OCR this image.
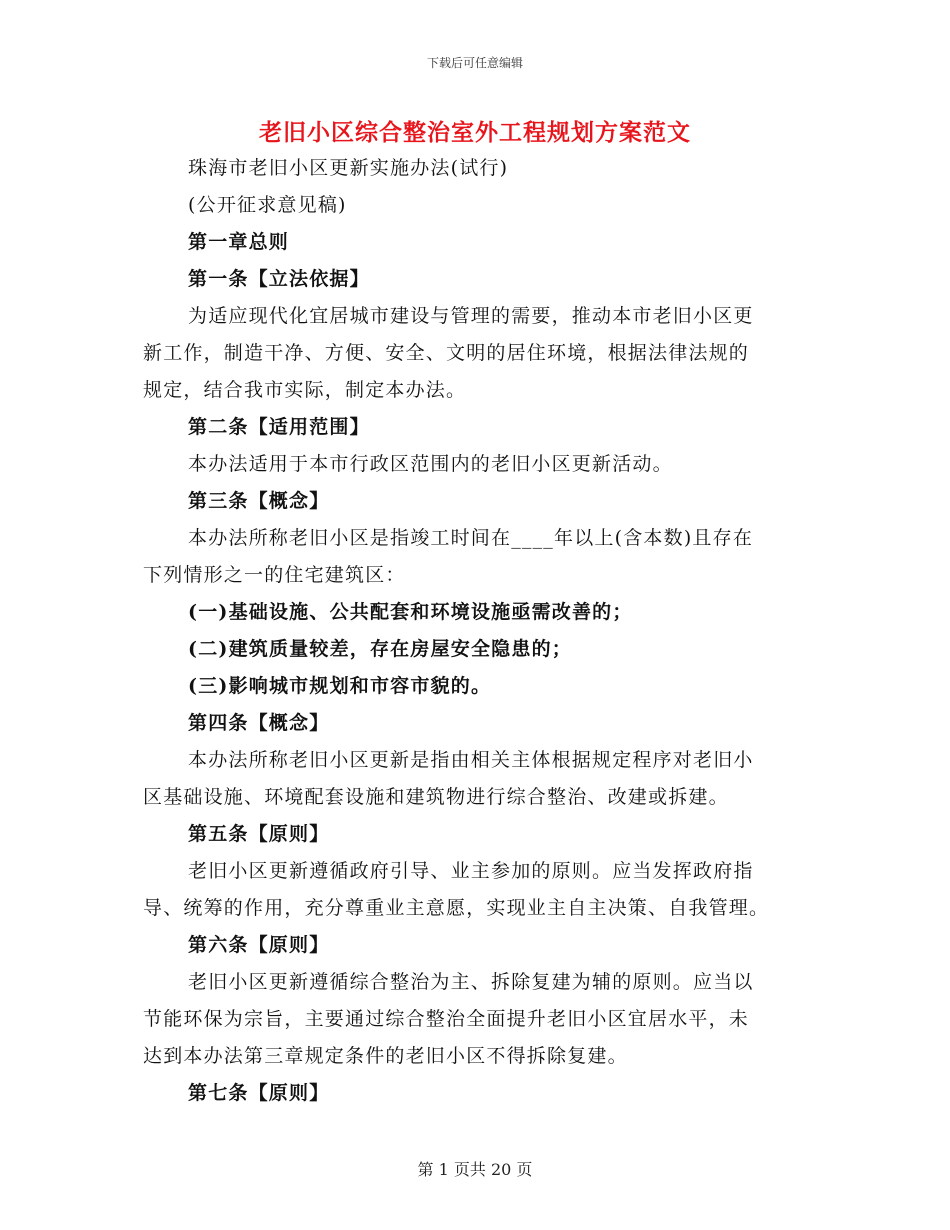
下载后可任意编辑
老旧小区综合整治室外工程规划方案范文
珠海市老旧小区更新实施办法(试行)
(公开征求意见稿)
第一章总则
第一条【立法依据】
为适应现代化宜居城市建设与管理的需要，推动本市老旧小区更
新工作，制造干净、方便、安全、文明的居住环境，根据法律法规的
规定，结合我市实际，制定本办法。
第二条【适用范围】
本办法适用于本市行政区范围内的老旧小区更新活动。
第三条【概念】
本办法所称老旧小区是指竣工时间在____年以上(含本数)且存在
下列情形之一的住宅建筑区：
(一)基础设施、公共配套和环境设施亟需改善的；
(二)建筑质量较差，存在房屋安全隐患的；
(三)影响城市规划和市容市貌的。
第四条【概念】
本办法所称老旧小区更新是指由相关主体根据规定程序对老旧小
区基础设施、环境配套设施和建筑物进行综合整治、改建或拆建。
第五条【原则】
老旧小区更新遵循政府引导、业主参加的原则。应当发挥政府指
导、统筹的作用，充分尊重业主意愿，实现业主自主决策、自我管理。
第六条【原则】
老旧小区更新遵循综合整治为主、拆除复建为辅的原则。应当以
节能环保为宗旨，主要通过综合整治全面提升老旧小区宜居水平，未
达到本办法第三章规定条件的老旧小区不得拆除复建。
第七条【原则】
第 1 页共 20 页
